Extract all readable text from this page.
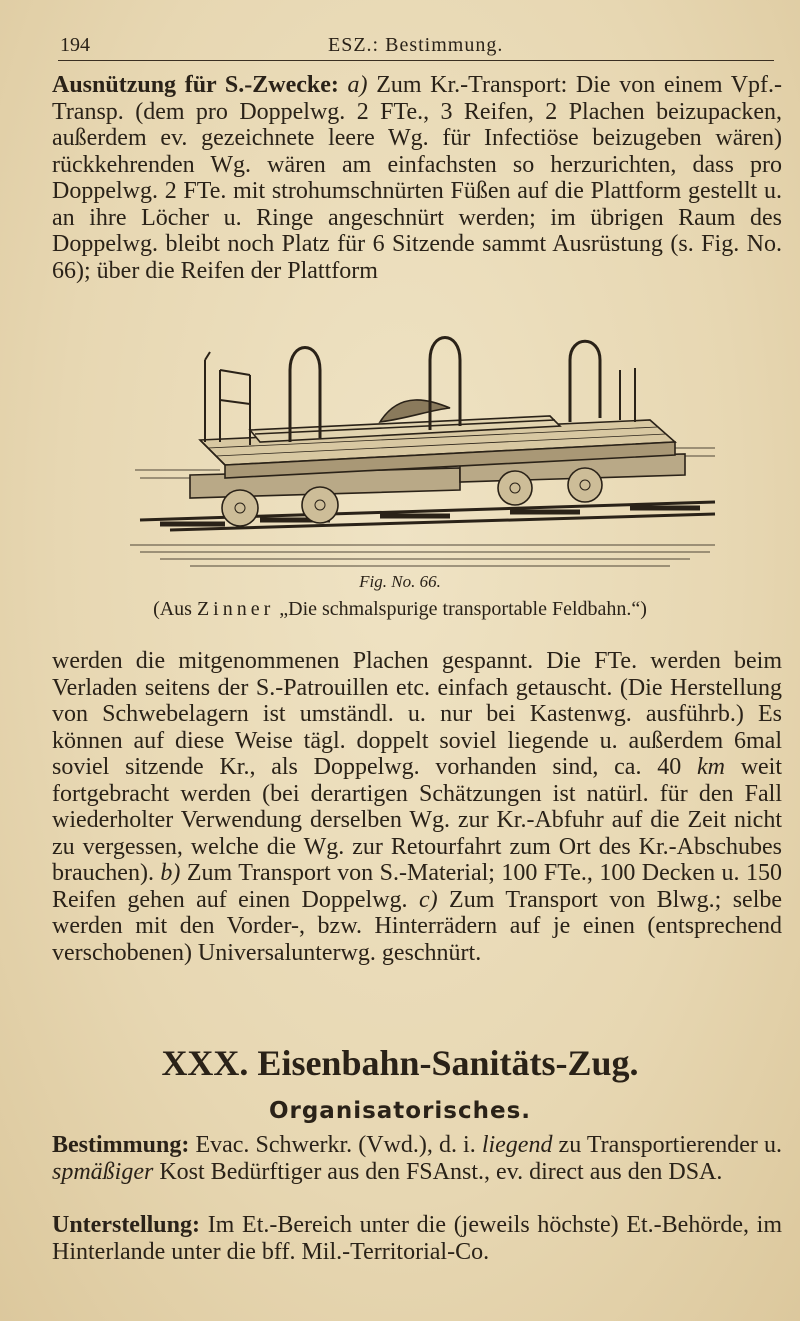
194	ESZ.: Bestimmung.

Ausnützung für S.-Zwecke: a) Zum Kr.-Transport: Die von einem Vpf.-Transp. (dem pro Doppelwg. 2 FTe., 3 Reifen, 2 Plachen beizupacken, außerdem ev. gezeichnete leere Wg. für Infectiöse beizugeben wären) rückkehrenden Wg. wären am einfachsten so herzurichten, dass pro Doppelwg. 2 FTe. mit strohumschnürten Füßen auf die Plattform gestellt u. an ihre Löcher u. Ringe angeschnürt werden; im übrigen Raum des Doppelwg. bleibt noch Platz für 6 Sitzende sammt Ausrüstung (s. Fig. No. 66); über die Reifen der Plattform

Fig. No. 66.
(Aus Zinner „Die schmalspurige transportable Feldbahn.“)

werden die mitgenommenen Plachen gespannt. Die FTe. werden beim Verladen seitens der S.-Patrouillen etc. einfach getauscht. (Die Herstellung von Schwebelagern ist umständl. u. nur bei Kastenwg. ausführb.) Es können auf diese Weise tägl. doppelt soviel liegende u. außerdem 6mal soviel sitzende Kr., als Doppelwg. vorhanden sind, ca. 40 km weit fortgebracht werden (bei derartigen Schätzungen ist natürl. für den Fall wiederholter Verwendung derselben Wg. zur Kr.-Abfuhr auf die Zeit nicht zu vergessen, welche die Wg. zur Retourfahrt zum Ort des Kr.-Abschubes brauchen). b) Zum Transport von S.-Material; 100 FTe., 100 Decken u. 150 Reifen gehen auf einen Doppelwg. c) Zum Transport von Blwg.; selbe werden mit den Vorder-, bzw. Hinterrädern auf je einen (entsprechend verschobenen) Universalunterwg. geschnürt.

XXX. Eisenbahn-Sanitäts-Zug.
Organisatorisches.

Bestimmung: Evac. Schwerkr. (Vwd.), d. i. liegend zu Transportierender u. spmäßiger Kost Bedürftiger aus den FSAnst., ev. direct aus den DSA.

Unterstellung: Im Et.-Bereich unter die (jeweils höchste) Et.-Behörde, im Hinterlande unter die bff. Mil.-Territorial-Co.
